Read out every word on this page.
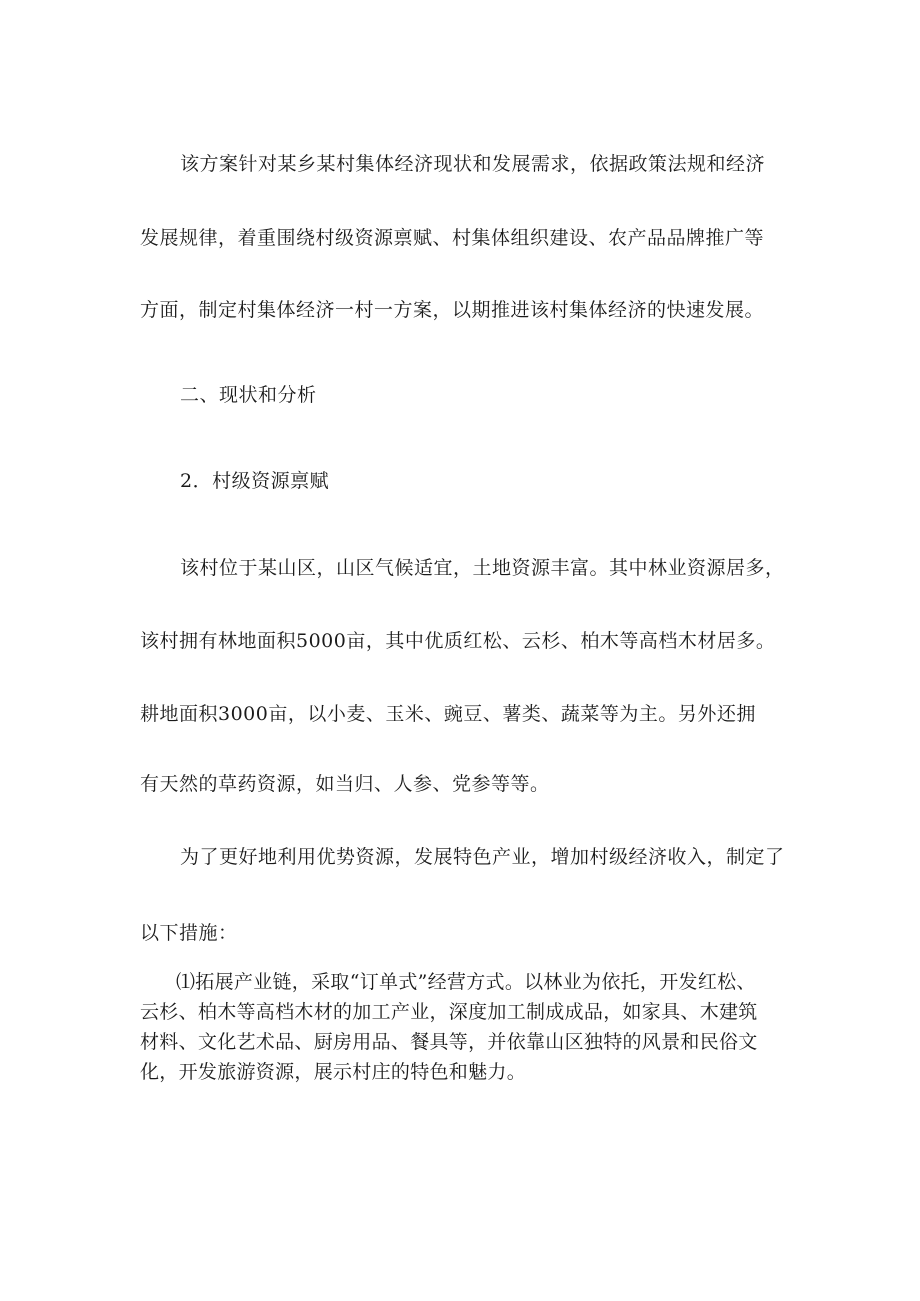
该方案针对某乡某村集体经济现状和发展需求，依据政策法规和经济
发展规律，着重围绕村级资源禀赋、村集体组织建设、农产品品牌推广等
方面，制定村集体经济一村一方案，以期推进该村集体经济的快速发展。
二、现状和分析
2．村级资源禀赋
该村位于某山区，山区气候适宜，土地资源丰富。其中林业资源居多，
该村拥有林地面积5000亩，其中优质红松、云杉、柏木等高档木材居多。
耕地面积3000亩，以小麦、玉米、豌豆、薯类、蔬菜等为主。另外还拥
有天然的草药资源，如当归、人参、党参等等。
为了更好地利用优势资源，发展特色产业，增加村级经济收入，制定了
以下措施：
⑴拓展产业链，采取“订单式”经营方式。以林业为依托，开发红松、
云杉、柏木等高档木材的加工产业，深度加工制成成品，如家具、木建筑
材料、文化艺术品、厨房用品、餐具等，并依靠山区独特的风景和民俗文
化，开发旅游资源，展示村庄的特色和魅力。
